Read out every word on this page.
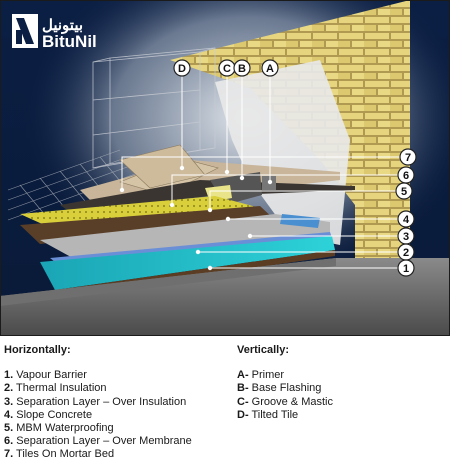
D	C B A
7
6
5
4
3
2
1
بيتونيل
BituNil
Horizontally:
1. Vapour Barrier
2. Thermal Insulation
3. Separation Layer – Over Insulation
4. Slope Concrete
5. MBM Waterproofing
6. Separation Layer – Over Membrane
7. Tiles On Mortar Bed
Vertically:
A- Primer
B- Base Flashing
C- Groove & Mastic
D- Tilted Tile
